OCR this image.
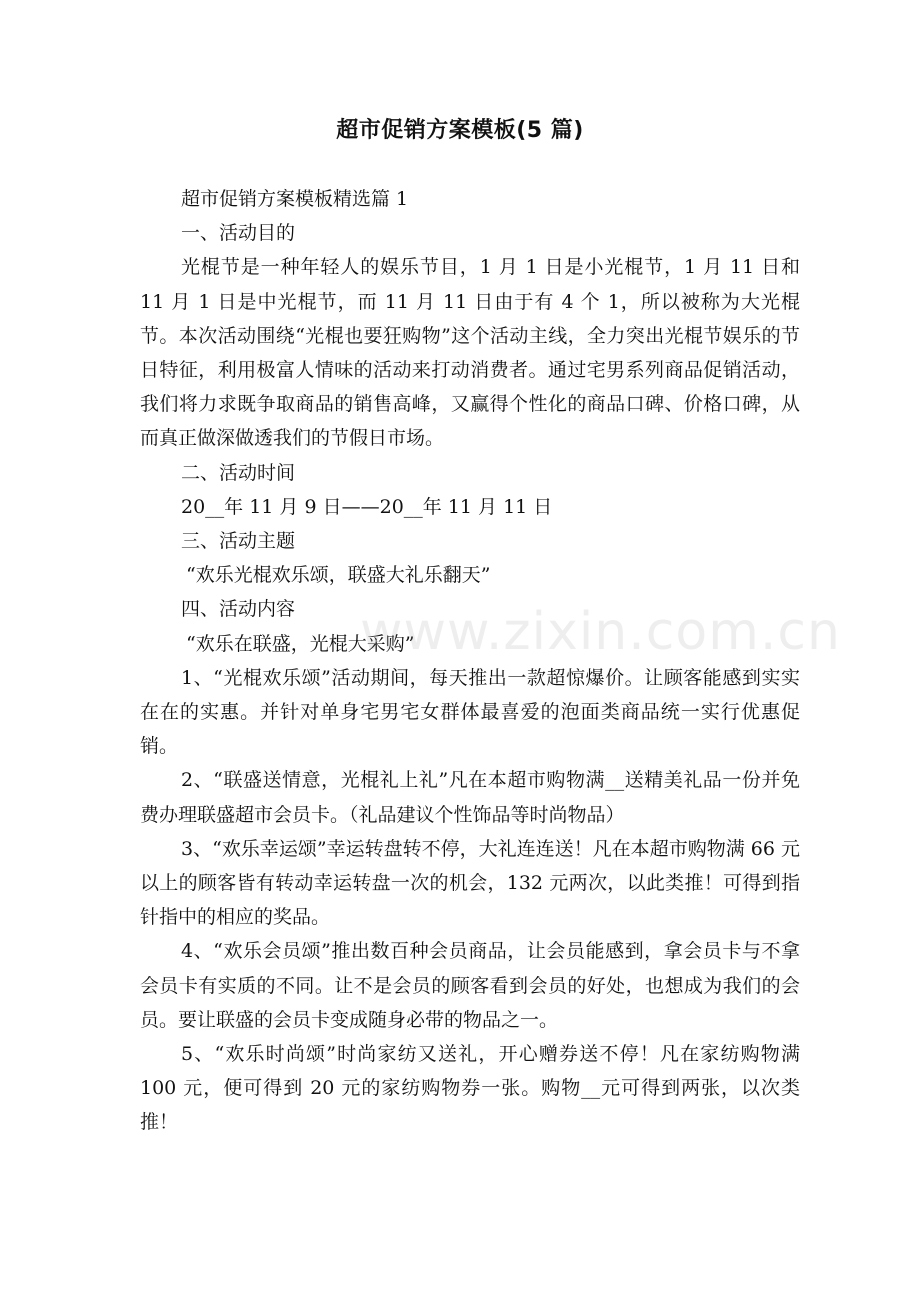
超市促销方案模板(5 篇)

超市促销方案模板精选篇 1

一、活动目的

光棍节是一种年轻人的娱乐节目，1 月 1 日是小光棍节，1 月 11 日和 11 月 1 日是中光棍节，而 11 月 11 日由于有 4 个 1，所以被称为大光棍节。本次活动围绕“光棍也要狂购物”这个活动主线，全力突出光棍节娱乐的节日特征，利用极富人情味的活动来打动消费者。通过宅男系列商品促销活动，我们将力求既争取商品的销售高峰，又赢得个性化的商品口碑、价格口碑，从而真正做深做透我们的节假日市场。

二、活动时间

20__年 11 月 9 日——20__年 11 月 11 日

三、活动主题

“欢乐光棍欢乐颂，联盛大礼乐翻天”

四、活动内容

“欢乐在联盛，光棍大采购”

1、“光棍欢乐颂”活动期间，每天推出一款超惊爆价。让顾客能感到实实在在的实惠。并针对单身宅男宅女群体最喜爱的泡面类商品统一实行优惠促销。

2、“联盛送情意，光棍礼上礼”凡在本超市购物满__送精美礼品一份并免费办理联盛超市会员卡。（礼品建议个性饰品等时尚物品）

3、“欢乐幸运颂”幸运转盘转不停，大礼连连送！凡在本超市购物满 66 元以上的顾客皆有转动幸运转盘一次的机会，132 元两次，以此类推！可得到指针指中的相应的奖品。

4、“欢乐会员颂”推出数百种会员商品，让会员能感到，拿会员卡与不拿会员卡有实质的不同。让不是会员的顾客看到会员的好处，也想成为我们的会员。要让联盛的会员卡变成随身必带的物品之一。

5、“欢乐时尚颂”时尚家纺又送礼，开心赠券送不停！凡在家纺购物满 100 元，便可得到 20 元的家纺购物券一张。购物__元可得到两张，以次类推！

www.zixin.com.cn
